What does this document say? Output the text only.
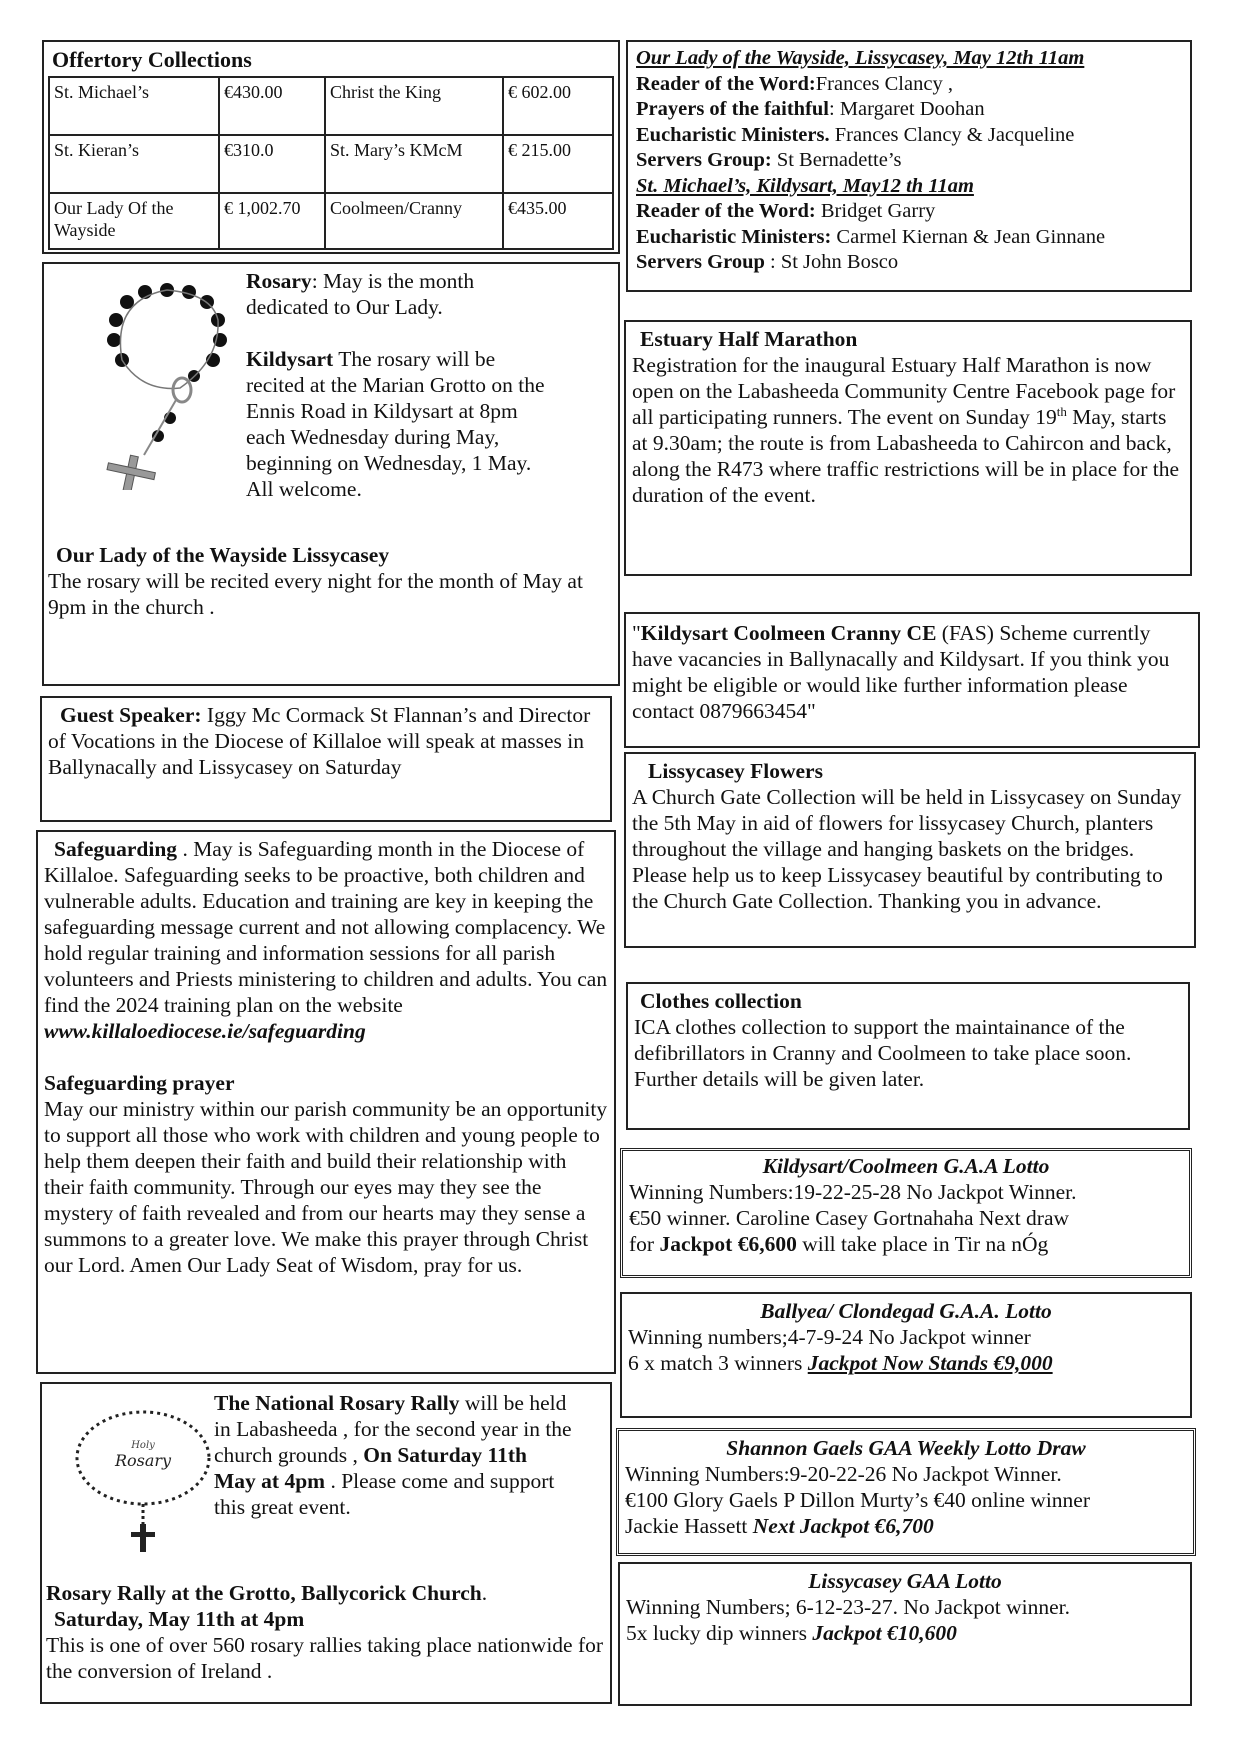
Offertory Collections
St. Michael’s	€430.00	Christ the King	€ 602.00
St. Kieran’s	€310.0	St. Mary’s KMcM	€ 215.00
Our Lady Of the Wayside	€ 1,002.70	Coolmeen/Cranny	€435.00
Rosary: May is the month dedicated to Our Lady.
Kildysart The rosary will be recited at the Marian Grotto on the Ennis Road in Kildysart at 8pm each Wednesday during May, beginning on Wednesday, 1 May. All welcome.
Our Lady of the Wayside Lissycasey
The rosary will be recited every night for the month of May at 9pm in the church .
Guest Speaker: Iggy Mc Cormack St Flannan’s and Director of Vocations in the Diocese of Killaloe will speak at masses in Ballynacally and Lissycasey on Saturday
Safeguarding . May is Safeguarding month in the Diocese of Killaloe. Safeguarding seeks to be proactive, both children and vulnerable adults. Education and training are key in keeping the safeguarding message current and not allowing complacency. We hold regular training and information sessions for all parish volunteers and Priests ministering to children and adults. You can find the 2024 training plan on the website www.killaloediocese.ie/safeguarding
Safeguarding prayer
May our ministry within our parish community be an opportunity to support all those who work with children and young people to help them deepen their faith and build their relationship with their faith community. Through our eyes may they see the mystery of faith revealed and from our hearts may they sense a summons to a greater love. We make this prayer through Christ our Lord. Amen Our Lady Seat of Wisdom, pray for us.
Holy
Rosary
The National Rosary Rally will be held in Labasheeda , for the second year in the church grounds , On Saturday 11th May at 4pm . Please come and support this great event.
Rosary Rally at the Grotto, Ballycorick Church.
Saturday, May 11th at 4pm
This is one of over 560 rosary rallies taking place nationwide for the conversion of Ireland .
Our Lady of the Wayside, Lissycasey, May 12th 11am
Reader of the Word:Frances Clancy ,
Prayers of the faithful: Margaret Doohan
Eucharistic Ministers. Frances Clancy & Jacqueline
Servers Group: St Bernadette’s
St. Michael’s, Kildysart, May12 th 11am
Reader of the Word: Bridget Garry
Eucharistic Ministers: Carmel Kiernan & Jean Ginnane
Servers Group : St John Bosco
Estuary Half Marathon
Registration for the inaugural Estuary Half Marathon is now open on the Labasheeda Community Centre Facebook page for all participating runners. The event on Sunday 19th May, starts at 9.30am; the route is from Labasheeda to Cahircon and back, along the R473 where traffic restrictions will be in place for the duration of the event.
"Kildysart Coolmeen Cranny CE (FAS) Scheme currently have vacancies in Ballynacally and Kildysart. If you think you might be eligible or would like further information please contact 0879663454"
Lissycasey Flowers
A Church Gate Collection will be held in Lissycasey on Sunday the 5th May in aid of flowers for lissycasey Church, planters throughout the village and hanging baskets on the bridges. Please help us to keep Lissycasey beautiful by contributing to the Church Gate Collection. Thanking you in advance.
Clothes collection
ICA clothes collection to support the maintainance of the defibrillators in Cranny and Coolmeen to take place soon. Further details will be given later.
Kildysart/Coolmeen G.A.A Lotto
Winning Numbers:19-22-25-28 No Jackpot Winner.
€50 winner. Caroline Casey Gortnahaha Next draw
for Jackpot €6,600 will take place in Tir na nÓg
Ballyea/ Clondegad G.A.A. Lotto
Winning numbers;4-7-9-24 No Jackpot winner
6 x match 3 winners Jackpot Now Stands €9,000
Shannon Gaels GAA Weekly Lotto Draw
Winning Numbers:9-20-22-26 No Jackpot Winner.
€100 Glory Gaels P Dillon Murty’s €40 online winner
Jackie Hassett Next Jackpot €6,700
Lissycasey GAA Lotto
Winning Numbers; 6-12-23-27. No Jackpot winner.
5x lucky dip winners Jackpot €10,600
